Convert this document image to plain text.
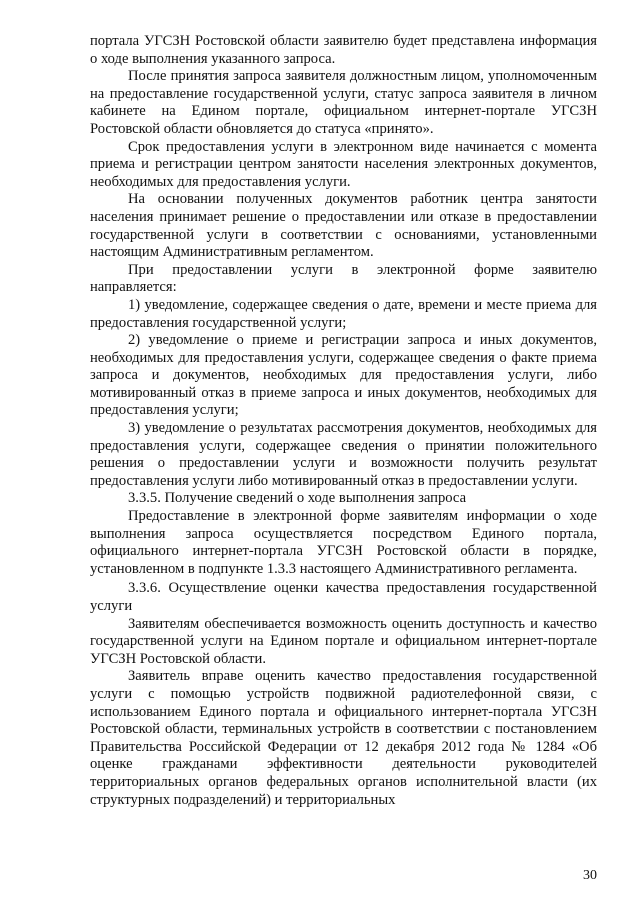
портала УГСЗН Ростовской области заявителю будет представлена информация о ходе выполнения указанного запроса.

После принятия запроса заявителя должностным лицом, уполномоченным на предоставление государственной услуги, статус запроса заявителя в личном кабинете на Едином портале, официальном интернет-портале УГСЗН Ростовской области обновляется до статуса «принято».

Срок предоставления услуги в электронном виде начинается с момента приема и регистрации центром занятости населения электронных документов, необходимых для предоставления услуги.

На основании полученных документов работник центра занятости населения принимает решение о предоставлении или отказе в предоставлении государственной услуги в соответствии с основаниями, установленными настоящим Административным регламентом.

При предоставлении услуги в электронной форме заявителю направляется:

1) уведомление, содержащее сведения о дате, времени и месте приема для предоставления государственной услуги;

2) уведомление о приеме и регистрации запроса и иных документов, необходимых для предоставления услуги, содержащее сведения о факте приема запроса и документов, необходимых для предоставления услуги, либо мотивированный отказ в приеме запроса и иных документов, необходимых для предоставления услуги;

3) уведомление о результатах рассмотрения документов, необходимых для предоставления услуги, содержащее сведения о принятии положительного решения о предоставлении услуги и возможности получить результат предоставления услуги либо мотивированный отказ в предоставлении услуги.

3.3.5. Получение сведений о ходе выполнения запроса

Предоставление в электронной форме заявителям информации о ходе выполнения запроса осуществляется посредством Единого портала, официального интернет-портала УГСЗН Ростовской области в порядке, установленном в подпункте 1.3.3 настоящего Административного регламента.

3.3.6. Осуществление оценки качества предоставления государственной услуги

Заявителям обеспечивается возможность оценить доступность и качество государственной услуги на Едином портале и официальном интернет-портале УГСЗН Ростовской области.

Заявитель вправе оценить качество предоставления государственной услуги с помощью устройств подвижной радиотелефонной связи, с использованием Единого портала и официального интернет-портала УГСЗН Ростовской области, терминальных устройств в соответствии с постановлением Правительства Российской Федерации от 12 декабря 2012 года № 1284 «Об оценке гражданами эффективности деятельности руководителей территориальных органов федеральных органов исполнительной власти (их структурных подразделений) и территориальных

30
